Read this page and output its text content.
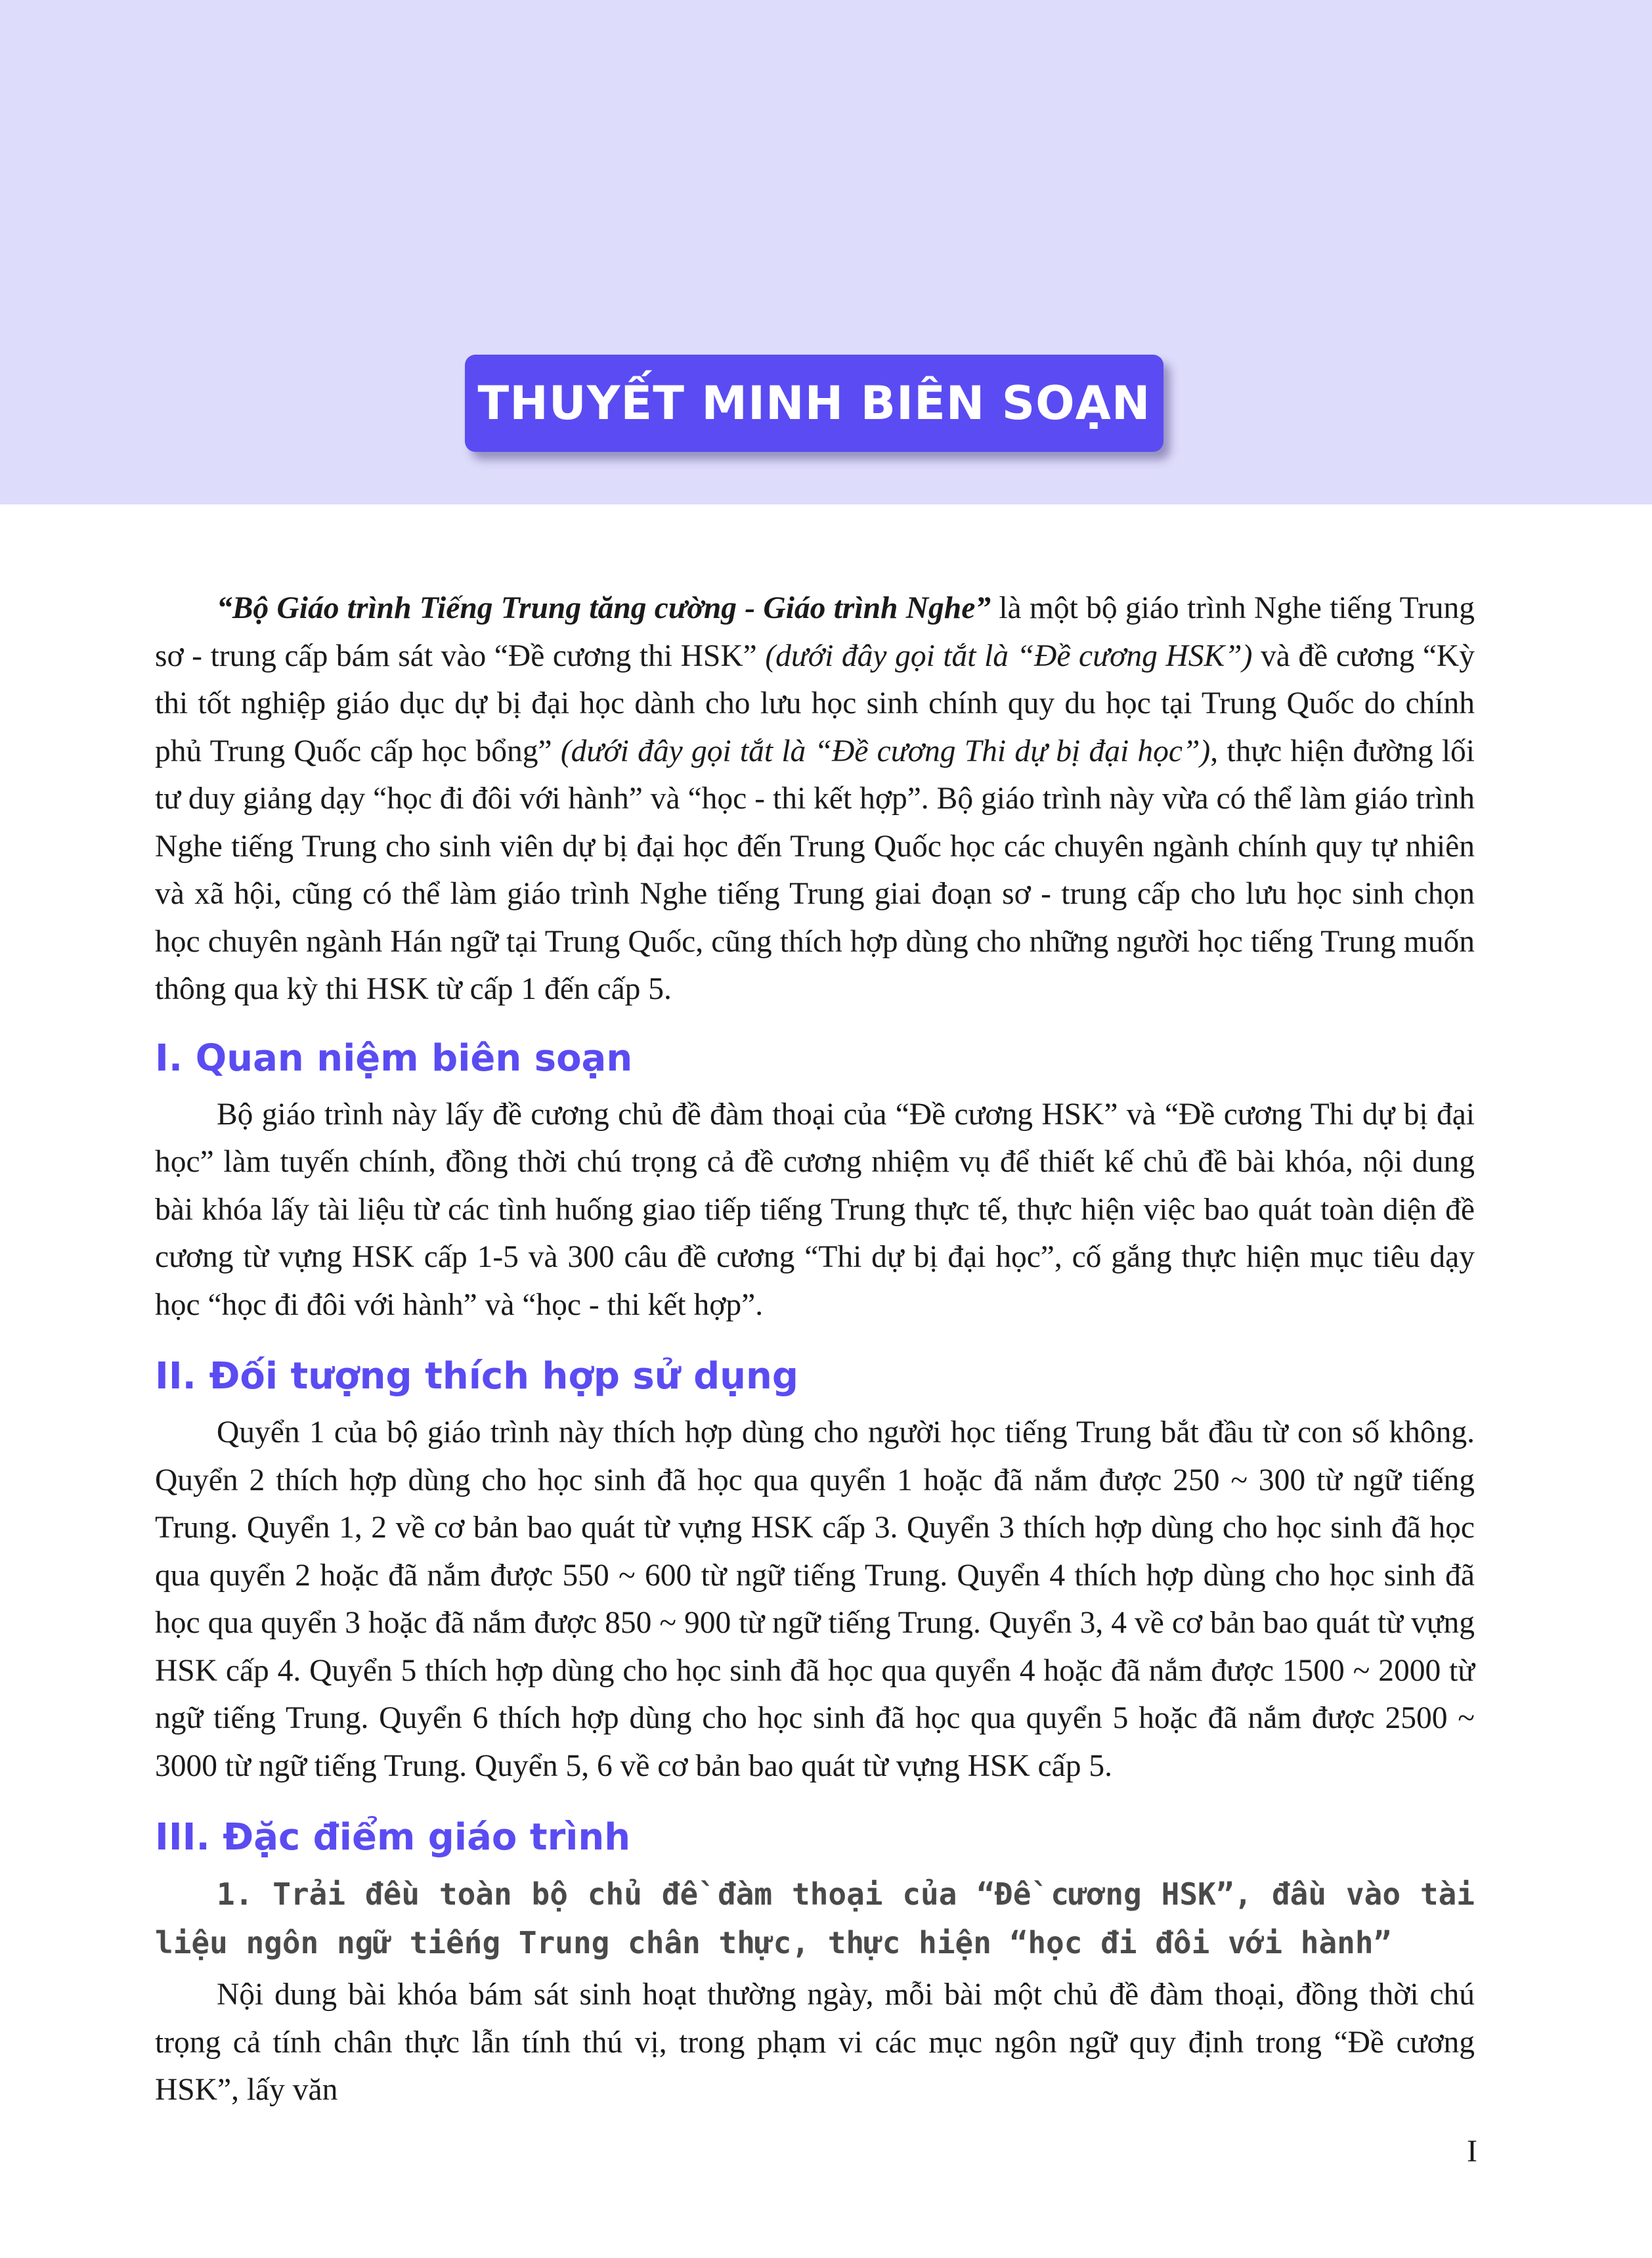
THUYẾT MINH BIÊN SOẠN

“Bộ Giáo trình Tiếng Trung tăng cường - Giáo trình Nghe” là một bộ giáo trình Nghe tiếng Trung sơ - trung cấp bám sát vào “Đề cương thi HSK” (dưới đây gọi tắt là “Đề cương HSK”) và đề cương “Kỳ thi tốt nghiệp giáo dục dự bị đại học dành cho lưu học sinh chính quy du học tại Trung Quốc do chính phủ Trung Quốc cấp học bổng” (dưới đây gọi tắt là “Đề cương Thi dự bị đại học”), thực hiện đường lối tư duy giảng dạy “học đi đôi với hành” và “học - thi kết hợp”. Bộ giáo trình này vừa có thể làm giáo trình Nghe tiếng Trung cho sinh viên dự bị đại học đến Trung Quốc học các chuyên ngành chính quy tự nhiên và xã hội, cũng có thể làm giáo trình Nghe tiếng Trung giai đoạn sơ - trung cấp cho lưu học sinh chọn học chuyên ngành Hán ngữ tại Trung Quốc, cũng thích hợp dùng cho những người học tiếng Trung muốn thông qua kỳ thi HSK từ cấp 1 đến cấp 5.

I. Quan niệm biên soạn

Bộ giáo trình này lấy đề cương chủ đề đàm thoại của “Đề cương HSK” và “Đề cương Thi dự bị đại học” làm tuyến chính, đồng thời chú trọng cả đề cương nhiệm vụ để thiết kế chủ đề bài khóa, nội dung bài khóa lấy tài liệu từ các tình huống giao tiếp tiếng Trung thực tế, thực hiện việc bao quát toàn diện đề cương từ vựng HSK cấp 1-5 và 300 câu đề cương “Thi dự bị đại học”, cố gắng thực hiện mục tiêu dạy học “học đi đôi với hành” và “học - thi kết hợp”.

II. Đối tượng thích hợp sử dụng

Quyển 1 của bộ giáo trình này thích hợp dùng cho người học tiếng Trung bắt đầu từ con số không. Quyển 2 thích hợp dùng cho học sinh đã học qua quyển 1 hoặc đã nắm được 250 ~ 300 từ ngữ tiếng Trung. Quyển 1, 2 về cơ bản bao quát từ vựng HSK cấp 3. Quyển 3 thích hợp dùng cho học sinh đã học qua quyển 2 hoặc đã nắm được 550 ~ 600 từ ngữ tiếng Trung. Quyển 4 thích hợp dùng cho học sinh đã học qua quyển 3 hoặc đã nắm được 850 ~ 900 từ ngữ tiếng Trung. Quyển 3, 4 về cơ bản bao quát từ vựng HSK cấp 4. Quyển 5 thích hợp dùng cho học sinh đã học qua quyển 4 hoặc đã nắm được 1500 ~ 2000 từ ngữ tiếng Trung. Quyển 6 thích hợp dùng cho học sinh đã học qua quyển 5 hoặc đã nắm được 2500 ~ 3000 từ ngữ tiếng Trung. Quyển 5, 6 về cơ bản bao quát từ vựng HSK cấp 5.

III. Đặc điểm giáo trình
1. Trải đều toàn bộ chủ đề đàm thoại của “Đề cương HSK”, đầu vào tài liệu ngôn ngữ tiếng Trung chân thực, thực hiện “học đi đôi với hành”

Nội dung bài khóa bám sát sinh hoạt thường ngày, mỗi bài một chủ đề đàm thoại, đồng thời chú trọng cả tính chân thực lẫn tính thú vị, trong phạm vi các mục ngôn ngữ quy định trong “Đề cương HSK”, lấy văn

I
